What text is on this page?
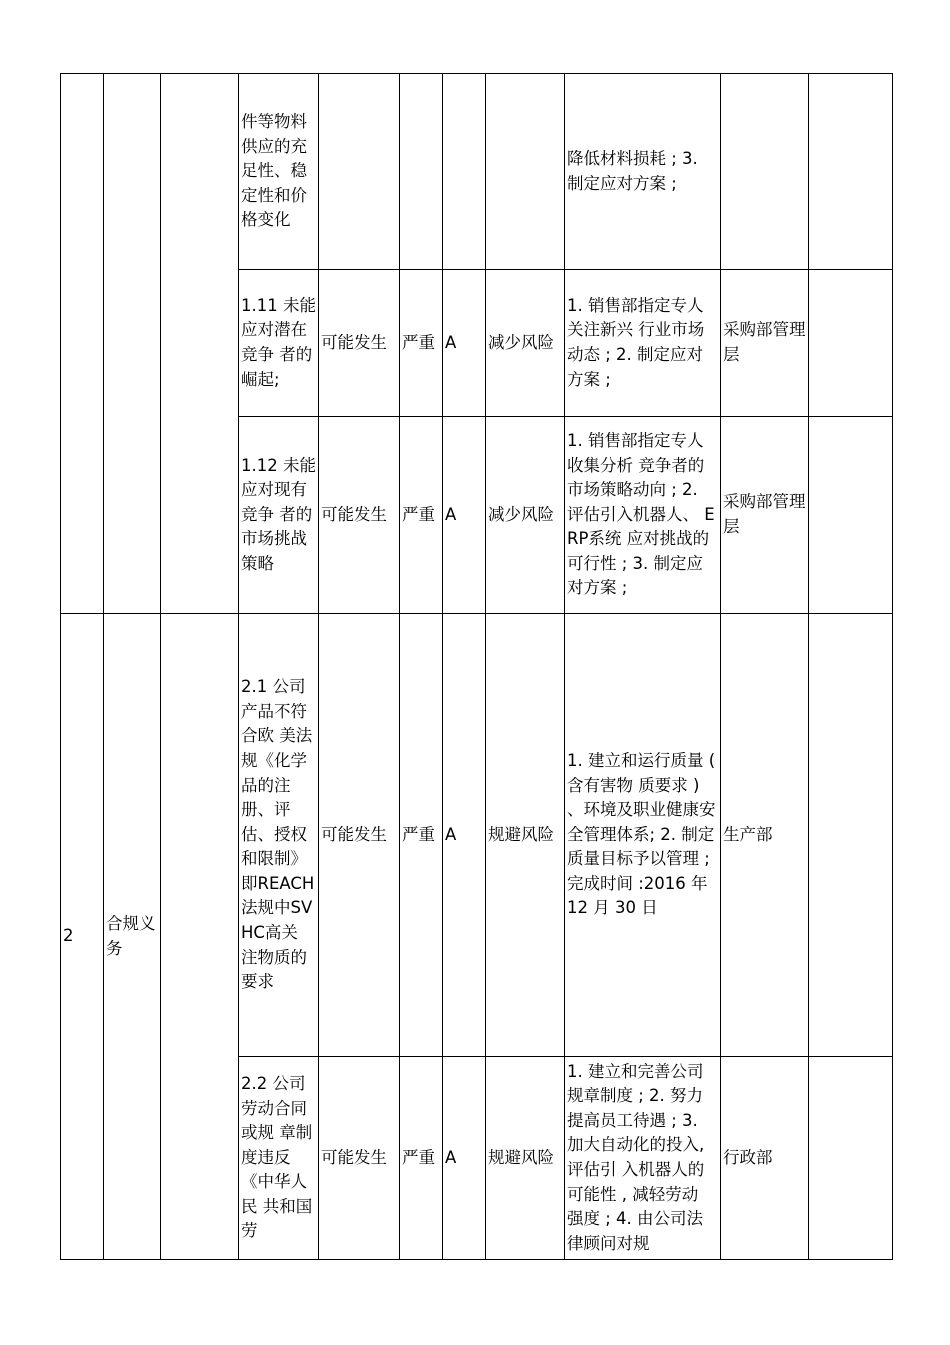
			件等物料供应的充足性、稳定性和价 格变化					降低材料损耗 ; 3. 制定应对方案 ;		
			1.11 未能应对潜在竞争 者的崛起;	可能发生	严重	A	减少风险	1. 销售部指定专人关注新兴 行业市场动态 ; 2. 制定应对方案 ;	采购部管理层	
			1.12 未能应对现有竞争 者的市场挑战策略	可能发生	严重	A	减少风险	1. 销售部指定专人收集分析 竞争者的市场策略动向 ; 2. 评估引入机器人、 ERP系统 应对挑战的可行性 ; 3. 制定应对方案 ;	采购部管理层	
2	合规义务		2.1 公司产品不符合欧 美法规《化学品的注册、评估、授权和限制》即REACH法规中SVHC高关 注物质的要求	可能发生	严重	A	规避风险	1. 建立和运行质量 ( 含有害物 质要求 ) 、环境及职业健康安 全管理体系; 2. 制定质量目标予以管理 ; 完成时间 :2016 年 12 月 30 日	生产部	
			2.2 公司劳动合同或规 章制度违反《中华人民 共和国劳	可能发生	严重	A	规避风险	1. 建立和完善公司规章制度 ; 2. 努力提高员工待遇 ; 3. 加大自动化的投入, 评估引 入机器人的可能性 , 减轻劳动 强度 ; 4. 由公司法律顾问对规	行政部	
